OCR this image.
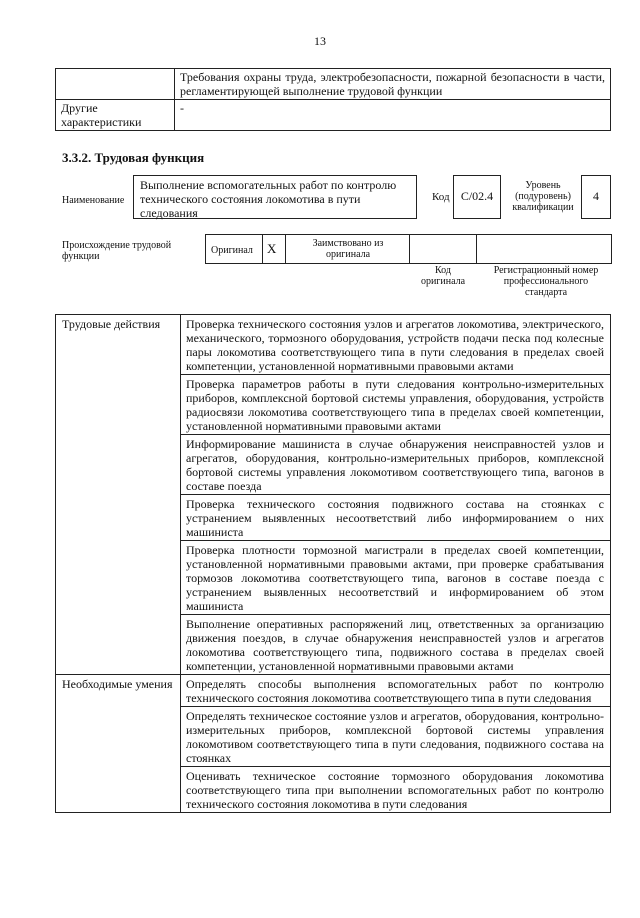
13
	Требования охраны труда, электробезопасности, пожарной безопасности в части, регламентирующей выполнение трудовой функции
Другие характеристики	-
3.3.2. Трудовая функция
Наименование
Выполнение вспомогательных работ по контролю технического состояния локомотива в пути следования
Код С/02.4
Уровень (подуровень) квалификации
4
Происхождение трудовой функции
Оригинал Х	Заимствовано из оригинала
Код оригинала
Регистрационный номер профессионального стандарта
Трудовые действия	Проверка технического состояния узлов и агрегатов локомотива, электрического, механического, тормозного оборудования, устройств подачи песка под колесные пары локомотива соответствующего типа в пути следования в пределах своей компетенции, установленной нормативными правовыми актами
	Проверка параметров работы в пути следования контрольно-измерительных приборов, комплексной бортовой системы управления, оборудования, устройств радиосвязи локомотива соответствующего типа в пределах своей компетенции, установленной нормативными правовыми актами
	Информирование машиниста в случае обнаружения неисправностей узлов и агрегатов, оборудования, контрольно-измерительных приборов, комплексной бортовой системы управления локомотивом соответствующего типа, вагонов в составе поезда
	Проверка технического состояния подвижного состава на стоянках с устранением выявленных несоответствий либо информированием о них машиниста
	Проверка плотности тормозной магистрали в пределах своей компетенции, установленной нормативными правовыми актами, при проверке срабатывания тормозов локомотива соответствующего типа, вагонов в составе поезда с устранением выявленных несоответствий и информированием об этом машиниста
	Выполнение оперативных распоряжений лиц, ответственных за организацию движения поездов, в случае обнаружения неисправностей узлов и агрегатов локомотива соответствующего типа, подвижного состава в пределах своей компетенции, установленной нормативными правовыми актами
Необходимые умения	Определять способы выполнения вспомогательных работ по контролю технического состояния локомотива соответствующего типа в пути следования
	Определять техническое состояние узлов и агрегатов, оборудования, контрольно-измерительных приборов, комплексной бортовой системы управления локомотивом соответствующего типа в пути следования, подвижного состава на стоянках
	Оценивать техническое состояние тормозного оборудования локомотива соответствующего типа при выполнении вспомогательных работ по контролю технического состояния локомотива в пути следования
